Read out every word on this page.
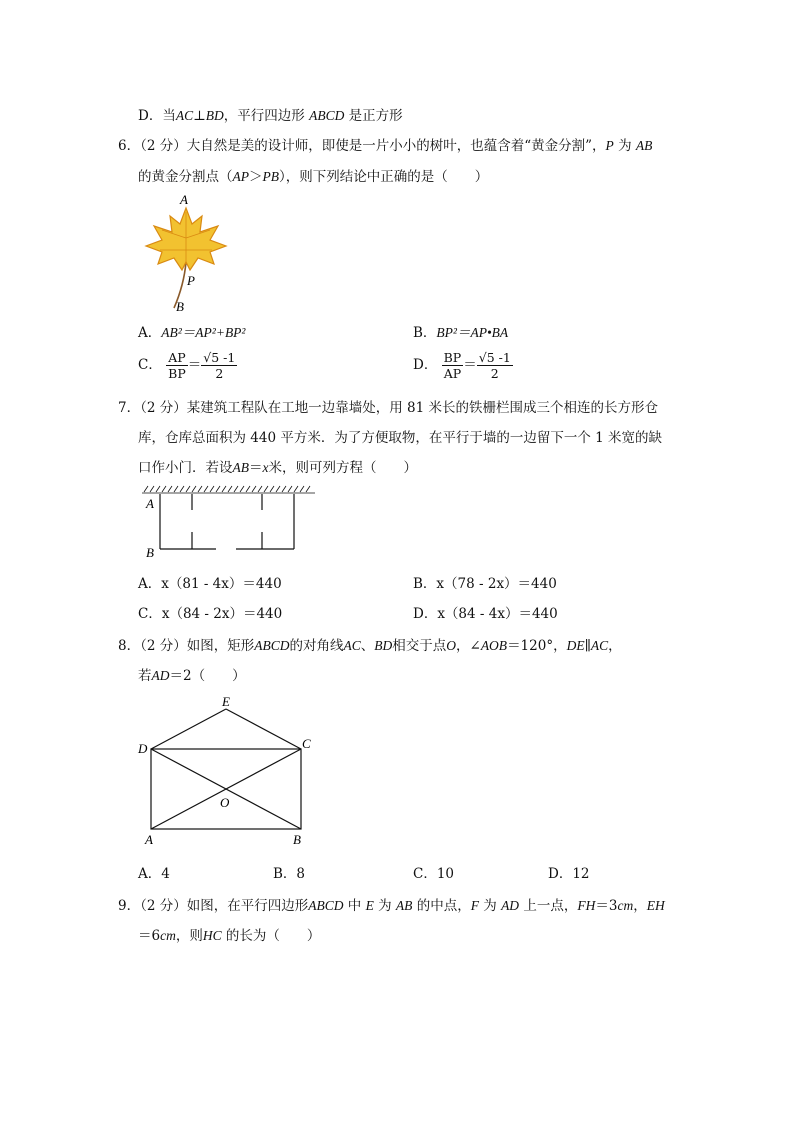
D．当AC⊥BD，平行四边形 ABCD 是正方形
6．（2 分）大自然是美的设计师，即使是一片小小的树叶，也蕴含着“黄金分割”，P 为 AB
的黄金分割点（AP＞PB），则下列结论中正确的是（　　）
A
P
B
A．AB²＝AP²+BP²	B．BP²＝AP•BA
C． $\frac{AP}{BP} = \frac{√5 -1}{2}$	D． $\frac{BP}{AP} = \frac{√5 -1}{2}$
7．（2 分）某建筑工程队在工地一边靠墙处，用 81 米长的铁栅栏围成三个相连的长方形仓
库，仓库总面积为 440 平方米．为了方便取物，在平行于墙的一边留下一个 1 米宽的缺
口作小门．若设AB＝x米，则可列方程（　　）
A
B
A．x（81 - 4x）＝440	B．x（78 - 2x）＝440
C．x（84 - 2x）＝440	D．x（84 - 4x）＝440
8．（2 分）如图，矩形ABCD的对角线AC、BD相交于点O，∠AOB＝120°，DE∥AC，
若AD＝2（　　）
E
D	C
O
A	B
A．4	B．8	C．10	D．12
9．（2 分）如图，在平行四边形ABCD 中 E 为 AB 的中点，F 为 AD 上一点，FH＝3cm，EH
＝6cm，则HC 的长为（　　）
